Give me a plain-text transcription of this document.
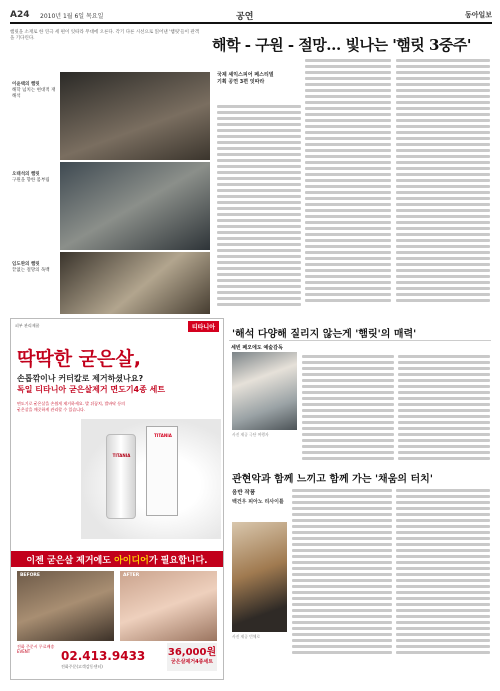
A24 2010년 1월 6일 목요일	공연	동아일보
햄릿을 소재로 한 연극 세 편이 잇따라 무대에 오른다. 각기 다른 시선으로 읽어낸 '햄릿'들이 관객을 기다린다.	해학 - 구원 - 절망… 빛나는 '햄릿 3중주'
이윤택의 햄릿
해학 넘치는 현대적 재해석
오태석의 햄릿
구원을 향한 몸부림
임도완의 햄릿
끝없는 절망의 독백
국제 셰익스피어 페스티벌 기획 공연 3편 잇따라
피부 관리제품	티타니아
딱딱한 굳은살,
손톱깎이나 커터칼로 제거하셨나요?
독일 티타니아 굳은살제거 면도기4종 세트
면도기로 굳은살을 손쉽게 제거하세요. 발 뒤꿈치, 발바닥 등의 굳은살을 깨끗하게 관리할 수 있습니다.
TITANIA
TITANIA
이젠 굳은살 제거에도
아이디어 가 필요합니다.
BEFORE	AFTER
전화 주문시 무료배송 EVENT	02.413.9433
전화주문(고객감동센터)
36,000원
굳은살제거4종세트
'해석 다양해 질리지 않는게 '햄릿'의 매력'
세빈 페오에도 예술감독
사진 제공 극단 여행자
관현악과 함께 느끼고 함께 가는 '채움의 터치'
음반 작품
백건우 피아노 리사이틀
사진 제공 빈체로
